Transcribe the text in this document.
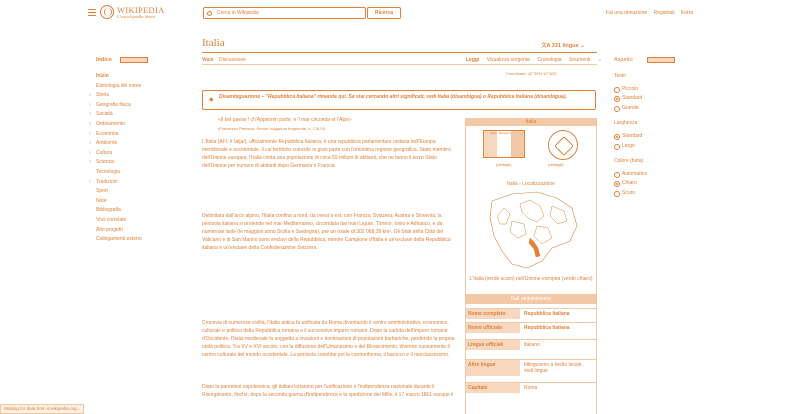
WIKIPEDIA
L'enciclopedia libera
Cerca in Wikipedia	Ricerca	Fai una donazione Registrati Entra
Indice
Inizio
Etimologia del nome
› Storia
› Geografia fisica
› Società
› Ordinamento
› Economia
› Ambiente
› Cultura
› Scienza
Tecnologia
› Tradizioni
Sport
Note
Bibliografia
Voci correlate
Altri progetti
Collegamenti esterni
Italia	文A 331 lingue ⌄
Voce Discussione	Leggi Visualizza sorgente Cronologia Strumenti ⌄
Coordinate: 42°30′N 12°30′E
◆ Disambiguazione – "Repubblica Italiana" rimanda qui. Se stai cercando altri significati, vedi Italia (disambigua) o Repubblica Italiana (disambigua).
«Il bel paese / ch'Appennin parte, e 'l mar circonda et l'Alpe»
(Francesco Petrarca, Rerum vulgarium fragmenta, n. CXLVI)
L'Italia (AFI: /iˈtalja/), ufficialmente Repubblica Italiana, è una repubblica parlamentare unitaria dell'Europa meridionale e occidentale, il cui territorio coincide in gran parte con l'omonima regione geografica. Stato membro dell'Unione europea, l'Italia conta una popolazione di circa 59 milioni di abitanti, che ne fanno il terzo Stato dell'Unione per numero di abitanti dopo Germania e Francia.
Delimitata dall'arco alpino, l'Italia confina a nord, da ovest a est, con Francia, Svizzera, Austria e Slovenia; la penisola italiana si protende nel mar Mediterraneo, circondata dai mari Ligure, Tirreno, Ionio e Adriatico, e da numerose isole (le maggiori sono Sicilia e Sardegna), per un totale di 302 068,26 km². Gli Stati della Città del Vaticano e di San Marino sono enclavi della Repubblica, mentre Campione d'Italia è un'exclave della Repubblica italiana e un'enclave della Confederazione Svizzera.
Crocevia di numerose civiltà, l'Italia antica fu unificata da Roma diventando il centro amministrativo, economico, culturale e politico della Repubblica romana e il successivo impero romano. Dopo la caduta dell'impero romano d'Occidente, l'Italia medievale fu soggetta a invasioni e dominazioni di popolazioni barbariche, perdendo la propria unità politica. Tra XV e XVI secolo, con la diffusione dell'Umanesimo e del Rinascimento, divenne nuovamente il centro culturale del mondo occidentale. La penisola conobbe poi la controriforma, il barocco e il neoclassicismo.
Dopo la parentesi napoleonica, gli italiani lottarono per l'unificazione e l'indipendenza nazionale durante il Risorgimento, finché, dopo la seconda guerra d'indipendenza e la spedizione dei Mille, il 17 marzo 1861 nacque il
Italia
Italia - Bandiera
(dettagli)	(dettagli)
Italia - Localizzazione
L'Italia (verde scuro) nell'Unione europea (verde chiaro)
Dati amministrativi
Nome completo	Repubblica Italiana
Nome ufficiale	Repubblica Italiana
Lingue ufficiali	italiano
Altre lingue	bilinguismo a livello locale, vedi lingue
Capitale	Roma
Aspetto
Testo
Piccolo
Standard
Grande
Larghezza
Standard
Largo
Colore (beta)
Automatico
Chiaro
Scuro
Waiting for data from it.wikipedia.org...
